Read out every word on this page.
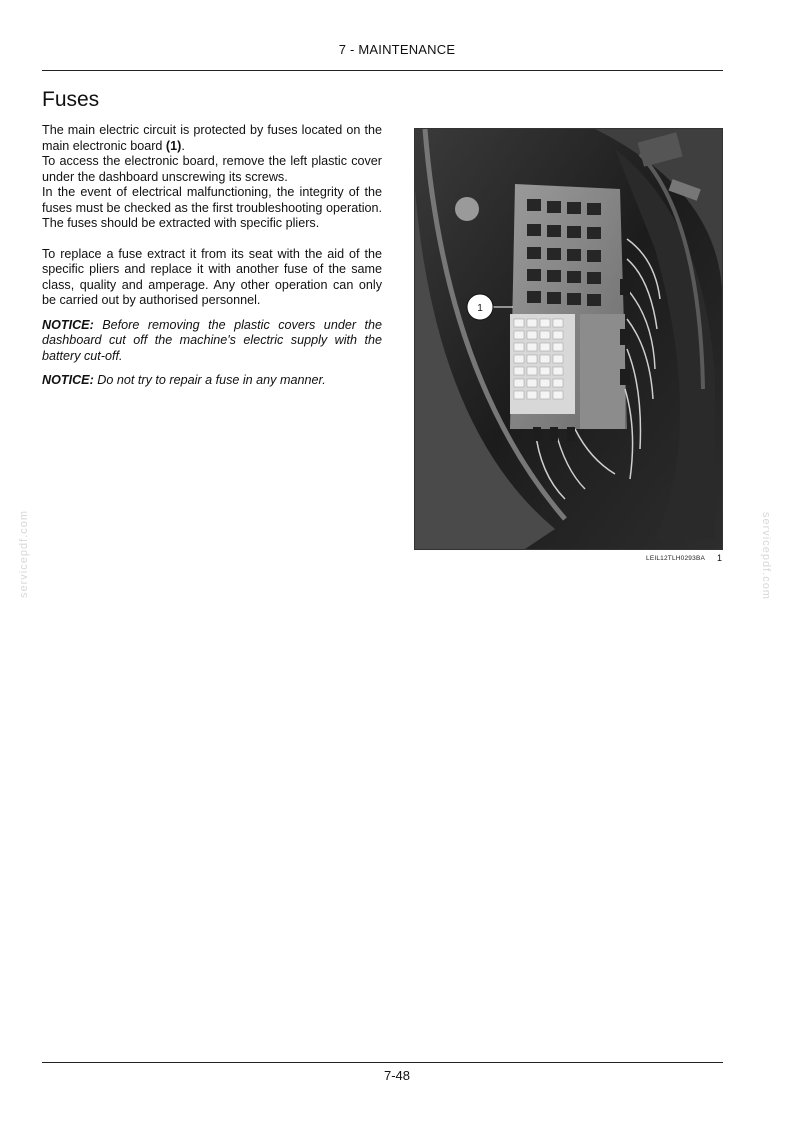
7 - MAINTENANCE
Fuses

The main electric circuit is protected by fuses located on the main electronic board (1).

To access the electronic board, remove the left plastic cover under the dashboard unscrewing its screws.

In the event of electrical malfunctioning, the integrity of the fuses must be checked as the first troubleshooting operation. The fuses should be extracted with specific pliers.

To replace a fuse extract it from its seat with the aid of the specific pliers and replace it with another fuse of the same class, quality and amperage. Any other operation can only be carried out by authorised personnel.

NOTICE: Before removing the plastic covers under the dashboard cut off the machine's electric supply with the battery cut-off.

NOTICE: Do not try to repair a fuse in any manner.

1
LEIL12TLH0293BA 1
servicepdf.com	servicepdf.com
7-48
